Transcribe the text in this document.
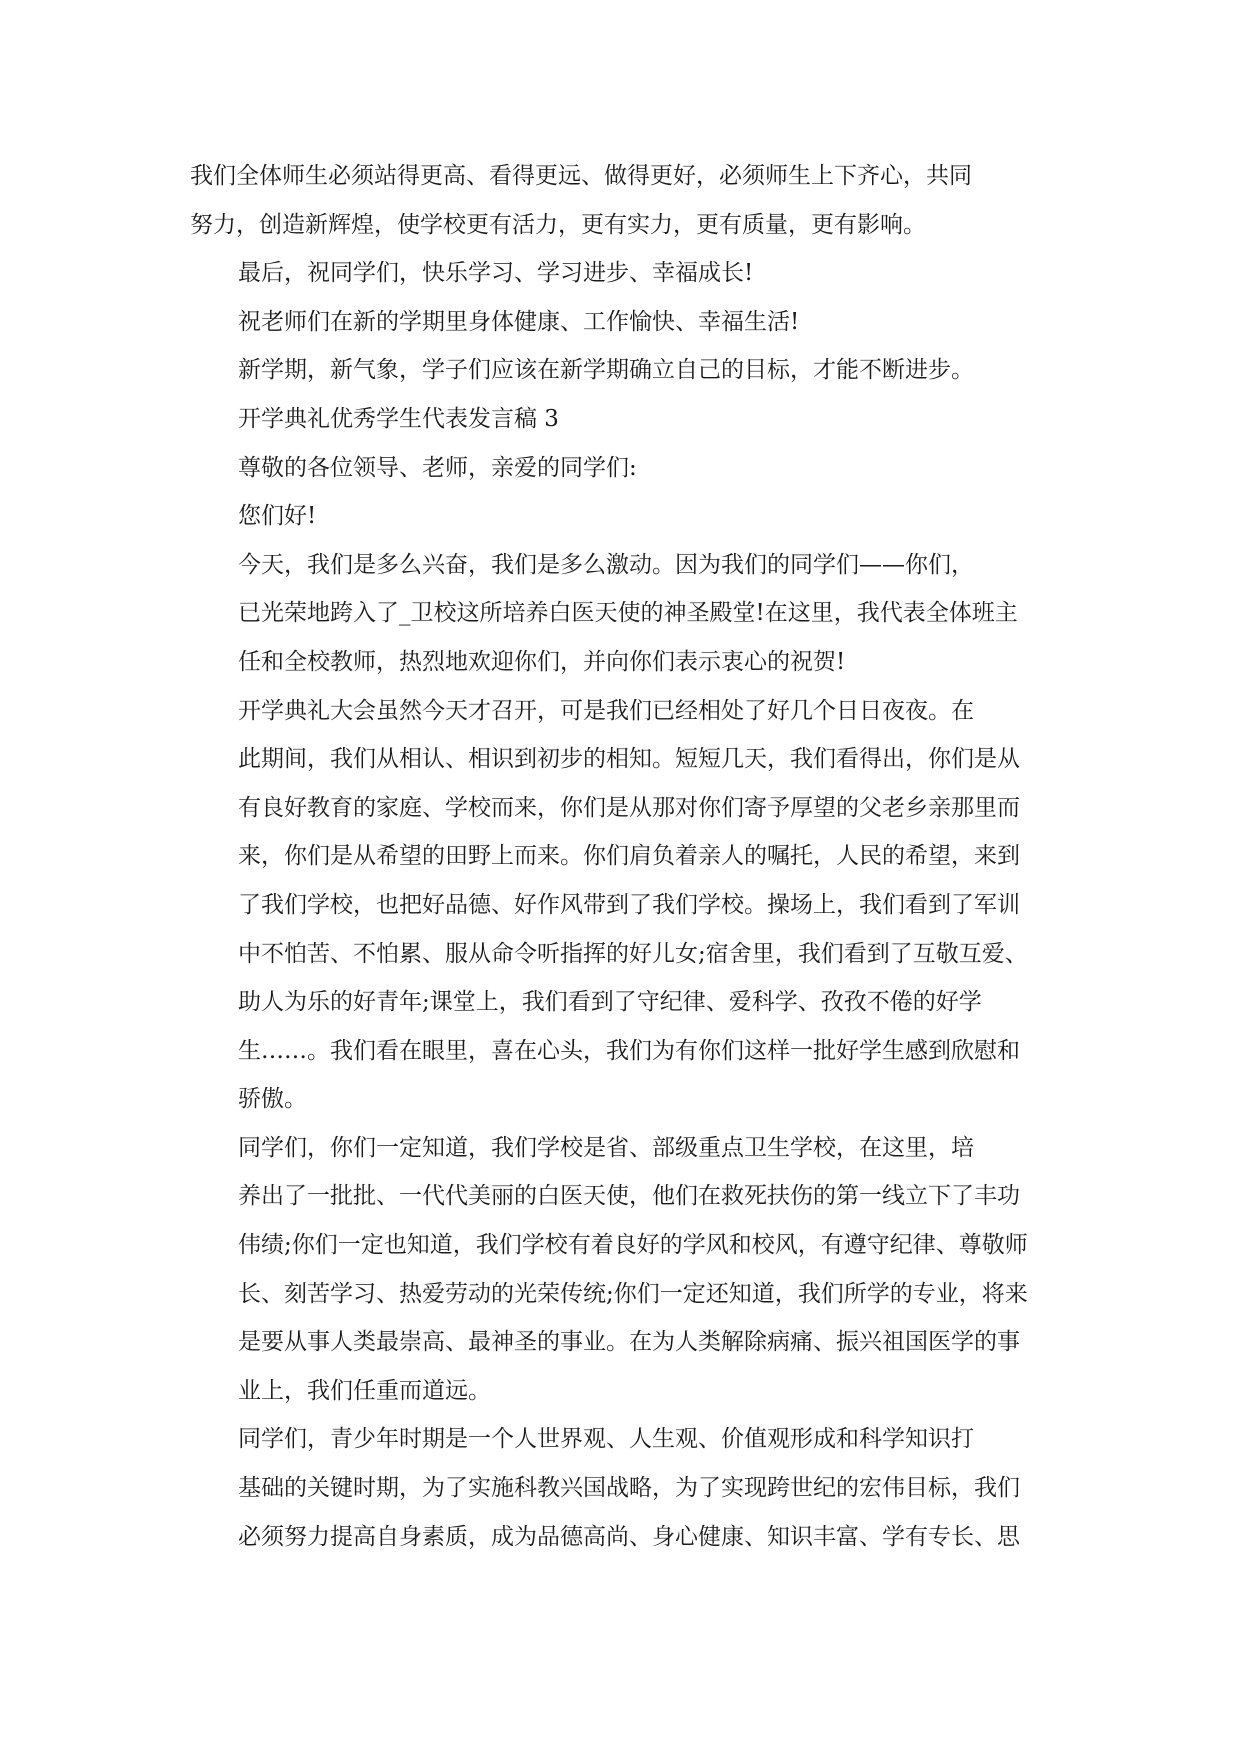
我们全体师生必须站得更高、看得更远、做得更好，必须师生上下齐心，共同
努力，创造新辉煌，使学校更有活力，更有实力，更有质量，更有影响。
最后，祝同学们，快乐学习、学习进步、幸福成长!
祝老师们在新的学期里身体健康、工作愉快、幸福生活!
新学期，新气象，学子们应该在新学期确立自己的目标，才能不断进步。
开学典礼优秀学生代表发言稿 3
尊敬的各位领导、老师，亲爱的同学们:
您们好!
今天，我们是多么兴奋，我们是多么激动。因为我们的同学们——你们，
已光荣地跨入了_卫校这所培养白医天使的神圣殿堂!在这里，我代表全体班主
任和全校教师，热烈地欢迎你们，并向你们表示衷心的祝贺!
开学典礼大会虽然今天才召开，可是我们已经相处了好几个日日夜夜。在
此期间，我们从相认、相识到初步的相知。短短几天，我们看得出，你们是从
有良好教育的家庭、学校而来，你们是从那对你们寄予厚望的父老乡亲那里而
来，你们是从希望的田野上而来。你们肩负着亲人的嘱托，人民的希望，来到
了我们学校，也把好品德、好作风带到了我们学校。操场上，我们看到了军训
中不怕苦、不怕累、服从命令听指挥的好儿女;宿舍里，我们看到了互敬互爱、
助人为乐的好青年;课堂上，我们看到了守纪律、爱科学、孜孜不倦的好学
生……。我们看在眼里，喜在心头，我们为有你们这样一批好学生感到欣慰和
骄傲。
同学们，你们一定知道，我们学校是省、部级重点卫生学校，在这里，培
养出了一批批、一代代美丽的白医天使，他们在救死扶伤的第一线立下了丰功
伟绩;你们一定也知道，我们学校有着良好的学风和校风，有遵守纪律、尊敬师
长、刻苦学习、热爱劳动的光荣传统;你们一定还知道，我们所学的专业，将来
是要从事人类最崇高、最神圣的事业。在为人类解除病痛、振兴祖国医学的事
业上，我们任重而道远。
同学们，青少年时期是一个人世界观、人生观、价值观形成和科学知识打
基础的关键时期，为了实施科教兴国战略，为了实现跨世纪的宏伟目标，我们
必须努力提高自身素质，成为品德高尚、身心健康、知识丰富、学有专长、思
